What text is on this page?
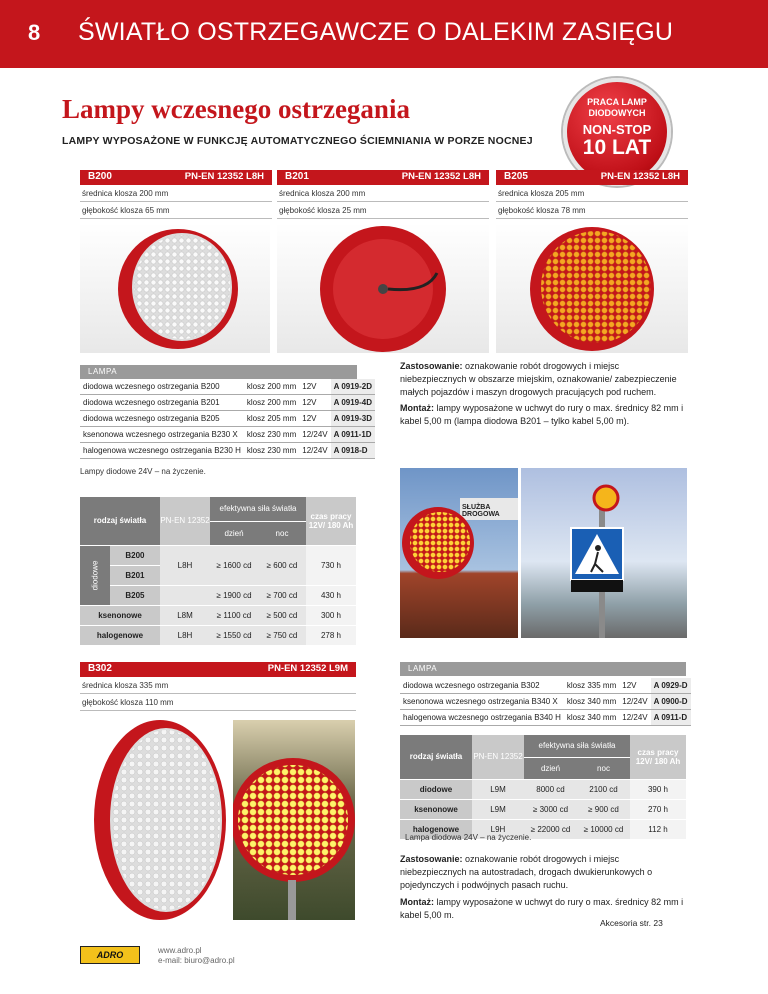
8 ŚWIATŁO OSTRZEGAWCZE O DALEKIM ZASIĘGU
Lampy wczesnego ostrzegania
LAMPY WYPOSAŻONE W FUNKCJĘ AUTOMATYCZNEGO ŚCIEMNIANIA W PORZE NOCNEJ
PRACA LAMP
DIODOWYCH
NON-STOP
10 LAT
B200	PN-EN 12352 L8H
średnica klosza 200 mm
głębokość klosza 65 mm
B201	PN-EN 12352 L8H
średnica klosza 200 mm
głębokość klosza 25 mm
B205	PN-EN 12352 L8H
średnica klosza 205 mm
głębokość klosza 78 mm
LAMPA
diodowa wczesnego ostrzegania B200	klosz 200 mm	12V	A 0919-2D
diodowa wczesnego ostrzegania B201	klosz 200 mm	12V	A 0919-4D
diodowa wczesnego ostrzegania B205	klosz 205 mm	12V	A 0919-3D
ksenonowa wczesnego ostrzegania B230 X	klosz 230 mm	12/24V	A 0911-1D
halogenowa wczesnego ostrzegania B230 H	klosz 230 mm	12/24V	A 0918-D
Lampy diodowe 24V – na życzenie.

Zastosowanie: oznakowanie robót drogowych i miejsc niebezpiecznych w obszarze miejskim, oznakowanie/ zabezpieczenie małych pojazdów i maszyn drogowych pracujących pod ruchem.

Montaż: lampy wyposażone w uchwyt do rury o max. średnicy 82 mm i kabel 5,00 m (lampa diodowa B201 – tylko kabel 5,00 m).

rodzaj światła		PN-EN 12352	efektywna siła światła		czas pracy 12V/ 180 Ah
			dzień	noc	

diodowe	B200	L8H	≥ 1600 cd	≥ 600 cd	730 h
	B201				
	B205		≥ 1900 cd	≥ 700 cd	430 h
ksenonowe		L8M	≥ 1100 cd	≥ 500 cd	300 h
halogenowe		L8H	≥ 1550 cd	≥ 750 cd	278 h
SŁUŻBA DROGOWA
B302	PN-EN 12352 L9M
średnica klosza 335 mm
głębokość klosza 110 mm
LAMPA
diodowa wczesnego ostrzegania B302	klosz 335 mm	12V	A 0929-D
ksenonowa wczesnego ostrzegania B340 X	klosz 340 mm	12/24V	A 0900-D
halogenowa wczesnego ostrzegania B340 H	klosz 340 mm	12/24V	A 0911-D
rodzaj światła	PN-EN 12352	efektywna siła światła		czas pracy 12V/ 180 Ah
		dzień	noc	
diodowe	L9M	8000 cd	2100 cd	390 h
ksenonowe	L9M	≥ 3000 cd	≥ 900 cd	270 h
halogenowe	L9H	≥ 22000 cd	≥ 10000 cd	112 h
Lampa diodowa 24V – na życzenie.

Zastosowanie: oznakowanie robót drogowych i miejsc niebezpiecznych na autostradach, drogach dwukierunkowych o pojedynczych i podwójnych pasach ruchu.

Montaż: lampy wyposażone w uchwyt do rury o max. średnicy 82 mm i kabel 5,00 m.

Akcesoria str. 23
ADRO	www.adro.pl
e-mail: biuro@adro.pl
